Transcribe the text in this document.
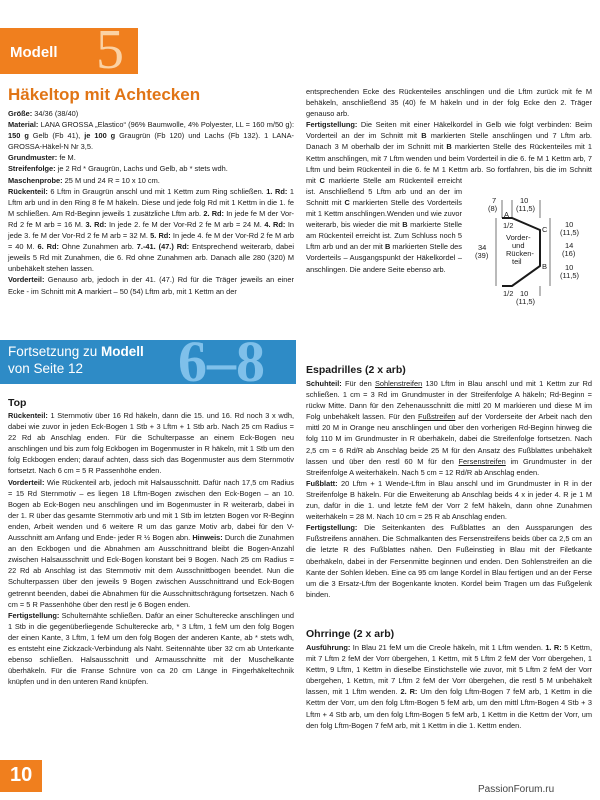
Modell 5
Häkeltop mit Achtecken

Größe: 34/36 (38/40)

Material: LANA GROSSA „Elastico“ (96% Baumwolle, 4% Polyester, LL = 160 m/50 g): 150 g Gelb (Fb 41), je 100 g Graugrün (Fb 120) und Lachs (Fb 132). 1 LANA-GROSSA-Häkel-N Nr 3,5.

Grundmuster: fe M.

Streifenfolge: je 2 Rd * Graugrün, Lachs und Gelb, ab * stets wdh.

Maschenprobe: 25 M und 24 R = 10 x 10 cm.

Rückenteil: 6 Lftm in Graugrün anschl und mit 1 Kettm zum Ring schließen. 1. Rd: 1 Lftm arb und in den Ring 8 fe M häkeln. Diese und jede folg Rd mit 1 Kettm in die 1. fe M schließen. Am Rd-Beginn jeweils 1 zusätzliche Lftm arb. 2. Rd: In jede fe M der Vor-Rd 2 fe M arb = 16 M. 3. Rd: In jede 2. fe M der Vor-Rd 2 fe M arb = 24 M. 4. Rd: In jede 3. fe M der Vor-Rd 2 fe M arb = 32 M. 5. Rd: In jede 4. fe M der Vor-Rd 2 fe M arb = 40 M. 6. Rd: Ohne Zunahmen arb. 7.-41. (47.) Rd: Entsprechend weiterarb, dabei jeweils 5 Rd mit Zunahmen, die 6. Rd ohne Zunahmen arb. Danach alle 280 (320) M unbehäkelt stehen lassen.

Vorderteil: Genauso arb, jedoch in der 41. (47.) Rd für die Träger jeweils an einer Ecke - im Schnitt mit A markiert – 50 (54) Lftm arb, mit 1 Kettm an der

entsprechenden Ecke des Rückenteiles anschlingen und die Lftm zurück mit fe M behäkeln, anschließend 35 (40) fe M häkeln und in der folg Ecke den 2. Träger genauso arb.

Fertigstellung: Die Seiten mit einer Häkelkordel in Gelb wie folgt verbinden: Beim Vorderteil an der im Schnitt mit B markierten Stelle anschlingen und 7 Lftm arb. Danach 3 M oberhalb der im Schnitt mit B markierten Stelle des Rückenteiles mit 1 Kettm anschlingen, mit 7 Lftm wenden und beim Vorderteil in die 6. fe M 1 Kettm arb, 7 Lftm und beim Rückenteil in die 6. fe M 1 Kettm arb. So fortfahren, bis die im Schnitt mit
C markierte Stelle am Rückenteil erreicht ist. Anschließend 5 Lftm arb und an der im Schnitt mit C markierten Stelle des Vorderteils mit 1 Kettm anschlingen.Wenden und wie zuvor weiterarb, bis wieder die mit B markierte Stelle am Rückenteil erreicht ist. Zum Schluss noch 5 Lftm arb und an der mit B markierten Stelle des Vorderteils – Ausgangspunkt der Häkelkordel – anschlingen. Die andere Seite ebenso arb.

7
(8)
10
(11,5)
1/2
A
C
B
Vorder-
und
Rücken-
teil
34
(39)
10
(11,5)
14
(16)
10
(11,5)
1/2 10
(11,5)
Fortsetzung zu Modell
von Seite 12 6–8
Top

Rückenteil: 1 Sternmotiv über 16 Rd häkeln, dann die 15. und 16. Rd noch 3 x wdh, dabei wie zuvor in jeden Eck-Bogen 1 Stb + 3 Lftm + 1 Stb arb. Nach 25 cm Radius = 22 Rd ab Anschlag enden. Für die Schulterpasse an einem Eck-Bogen neu anschlingen und bis zum folg Eckbogen im Bogenmuster in R häkeln, mit 1 Stb um den folg Eckbogen enden; darauf achten, dass sich das Bogenmuster aus dem Sternmotiv fortsetzt. Nach 6 cm = 5 R Passenhöhe enden.

Vorderteil: Wie Rückenteil arb, jedoch mit Halsausschnitt. Dafür nach 17,5 cm Radius = 15 Rd Sternmotiv – es liegen 18 Lftm-Bogen zwischen den Eck-Bogen – an 10. Bogen ab Eck-Bogen neu anschlingen und im Bogenmuster in R weiterarb, dabei in der 1. R über das gesamte Sternmotiv arb und mit 1 Stb im letzten Bogen vor R-Beginn enden, Arbeit wenden und 6 weitere R um das ganze Motiv arb, dabei für den V-Ausschnitt am Anfang und Ende- jeder R ½ Bogen abn. Hinweis: Durch die Zunahmen an den Eckbogen und die Abnahmen am Ausschnittrand bleibt die Bogen-Anzahl zwischen Halsausschnitt und Eck-Bogen konstant bei 9 Bogen. Nach 25 cm Radius = 22 Rd ab Anschlag ist das Sternmotiv mit dem Ausschnittbogen beendet. Nun die Schulterpassen über den jeweils 9 Bogen zwischen Ausschnittrand und Eck-Bogen getrennt beenden, dabei die Abnahmen für die Ausschnittschrägung fortsetzen. Nach 6 cm = 5 R Passenhöhe über den restl je 6 Bogen enden.

Fertigstellung: Schulternähte schließen. Dafür an einer Schulterecke anschlingen und 1 Stb in die gegenüberliegende Schulterecke arb, * 3 Lftm, 1 feM um den folg Bogen der einen Kante, 3 Lftm, 1 feM um den folg Bogen der anderen Kante, ab * stets wdh, es entsteht eine Zickzack-Verbindung als Naht. Seitennähte über 32 cm ab Unterkante ebenso schließen. Halsausschnitt und Armausschnitte mit der Muschelkante überhäkeln. Für die Franse Schnüre von ca 20 cm Länge in Fingerhäkeltechnik knüpfen und in den unteren Rand knüpfen.

Espadrilles (2 x arb)

Schuhteil: Für den Sohlenstreifen 130 Lftm in Blau anschl und mit 1 Kettm zur Rd schließen. 1 cm = 3 Rd im Grundmuster in der Streifenfolge A häkeln; Rd-Beginn = rückw Mitte. Dann für den Zehenausschnitt die mittl 20 M markieren und diese M im Folg unbehäkelt lassen. Für den Fußstreifen auf der Vorderseite der Arbeit nach den mittl 20 M in Orange neu anschlingen und über den vorherigen Rd-Beginn hinweg die folg 110 M im Grundmuster in R überhäkeln, dabei die Streifenfolge fortsetzen. Nach 2,5 cm = 6 Rd/R ab Anschlag beide 25 M für den Ansatz des Fußblattes unbehäkelt lassen und über den restl 60 M für den Fersenstreifen im Grundmuster in der Streifenfolge A weiterhäkeln. Nach 5 cm = 12 Rd/R ab Anschlag enden.

Fußblatt: 20 Lftm + 1 Wende-Lftm in Blau anschl und im Grundmuster in R in der Streifenfolge B häkeln. Für die Erweiterung ab Anschlag beids 4 x in jeder 4. R je 1 M zun, dafür in die 1. und letzte feM der Vorr 2 feM häkeln, dann ohne Zunahmen weiterhäkeln = 28 M. Nach 10 cm = 25 R ab Anschlag enden.

Fertigstellung: Die Seitenkanten des Fußblattes an den Aussparungen des Fußstreifens annähen. Die Schmalkanten des Fersenstreifens beids über ca 2,5 cm an die letzte R des Fußblattes nähen. Den Fußeinstieg in Blau mit der Filetkante überhäkeln, dabei in der Fersenmitte beginnen und enden. Den Sohlenstreifen an die Kante der Sohlen kleben. Eine ca 95 cm lange Kordel in Blau fertigen und an der Ferse um die 3 Ersatz-Lftm der Bogenkante knoten. Kordel beim Tragen um das Fußgelenk binden.

Ohrringe (2 x arb)

Ausführung: In Blau 21 feM um die Creole häkeln, mit 1 Lftm wenden. 1. R: 5 Kettm, mit 7 Lftm 2 feM der Vorr übergehen, 1 Kettm, mit 5 Lftm 2 feM der Vorr übergehen, 1 Kettm, 9 Lftm, 1 Kettm in dieselbe Einstichstelle wie zuvor, mit 5 Lftm 2 feM der Vorr übergehen, 1 Kettm, mit 7 Lftm 2 feM der Vorr übergehen, die restl 5 M unbehäkelt lassen, mit 1 Lftm wenden. 2. R: Um den folg Lftm-Bogen 7 feM arb, 1 Kettm in die Kettm der Vorr, um den folg Lftm-Bogen 5 feM arb, um den mittl Lftm-Bogen 4 Stb + 3 Lftm + 4 Stb arb, um den folg Lftm-Bogen 5 feM arb, 1 Kettm in die Kettm der Vorr, um den folg Lftm-Bogen 7 feM arb, mit 1 Kettm in die 1. Kettm enden.

10
PassionForum.ru
